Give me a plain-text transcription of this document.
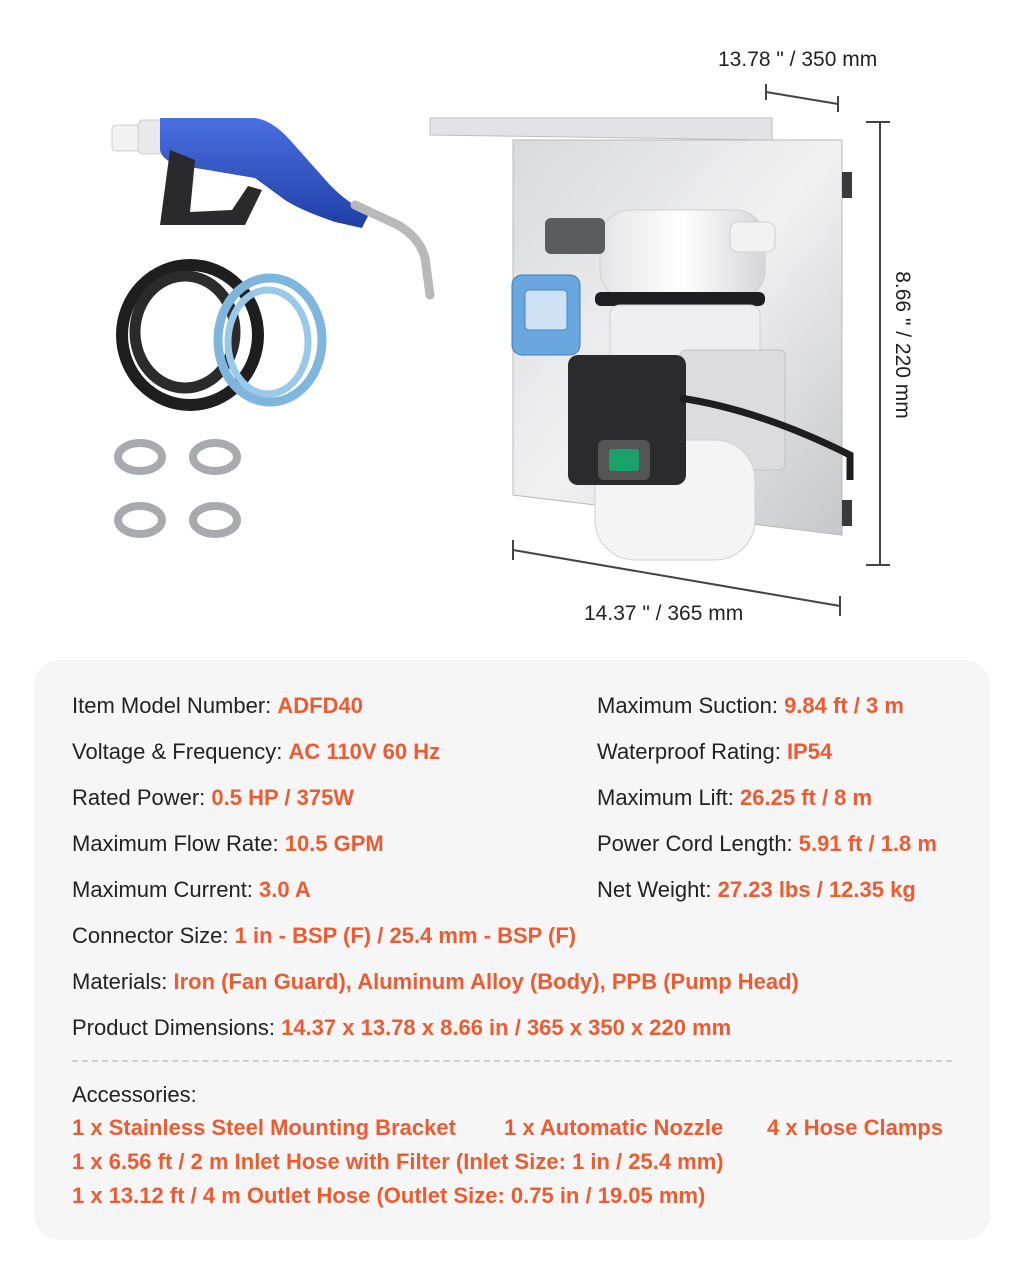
13.78 " / 350 mm
8.66 " / 220 mm
14.37 " / 365 mm
Item Model Number: ADFD40
Voltage & Frequency: AC 110V 60 Hz
Rated Power: 0.5 HP / 375W
Maximum Flow Rate: 10.5 GPM
Maximum Current: 3.0 A
Maximum Suction: 9.84 ft / 3 m
Waterproof Rating: IP54
Maximum Lift: 26.25 ft / 8 m
Power Cord Length: 5.91 ft / 1.8 m
Net Weight: 27.23 lbs / 12.35 kg
Connector Size: 1 in - BSP (F) / 25.4 mm - BSP (F)
Materials: Iron (Fan Guard), Aluminum Alloy (Body), PPB (Pump Head)
Product Dimensions: 14.37 x 13.78 x 8.66 in / 365 x 350 x 220 mm
Accessories:
1 x Stainless Steel Mounting Bracket 1 x Automatic Nozzle 4 x Hose Clamps
1 x 6.56 ft / 2 m Inlet Hose with Filter (Inlet Size: 1 in / 25.4 mm)
1 x 13.12 ft / 4 m Outlet Hose (Outlet Size: 0.75 in / 19.05 mm)
